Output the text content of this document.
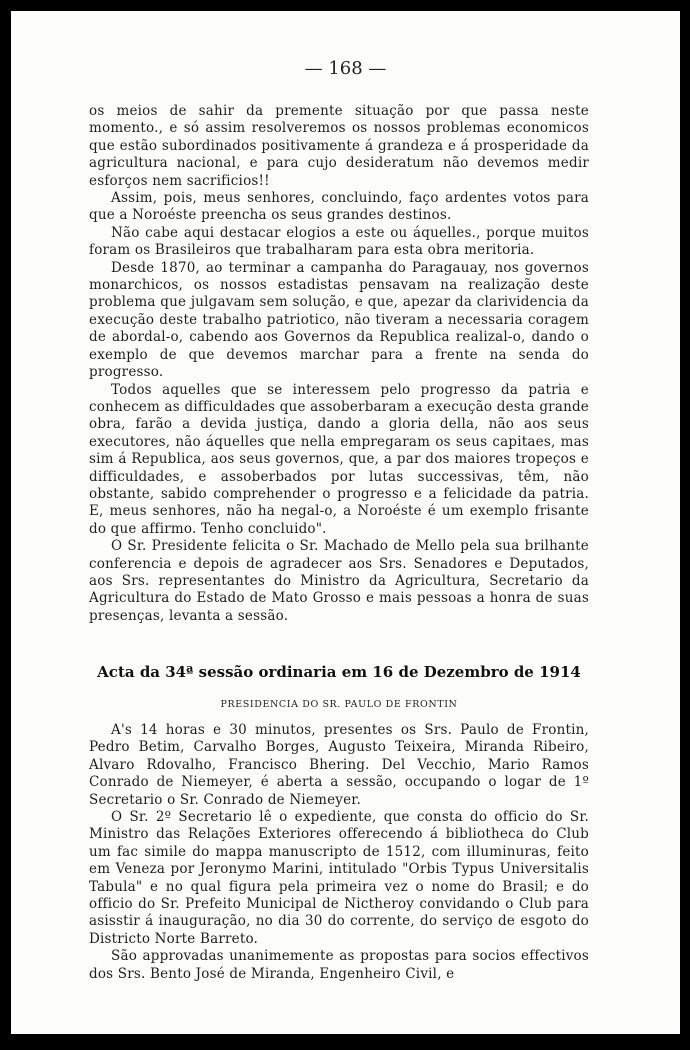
— 168 —

os meios de sahir da premente situação por que passa neste momento., e só assim resolveremos os nossos problemas economicos que estão subordinados positivamente á grandeza e á prosperidade da agricultura nacional, e para cujo desideratum não devemos medir esforços nem sacrificios!!

Assim, pois, meus senhores, concluindo, faço ardentes votos para que a Noroéste preencha os seus grandes destinos.

Não cabe aqui destacar elogios a este ou áquelles., porque muitos foram os Brasileiros que trabalharam para esta obra meritoria.

Desde 1870, ao terminar a campanha do Paragauay, nos governos monarchicos, os nossos estadistas pensavam na realização deste problema que julgavam sem solução, e que, apezar da clarividencia da execução deste trabalho patriotico, não tiveram a necessaria coragem de abordal-o, cabendo aos Governos da Republica realizal-o, dando o exemplo de que devemos marchar para a frente na senda do progresso.

Todos aquelles que se interessem pelo progresso da patria e conhecem as difficuldades que assoberbaram a execução desta grande obra, farão a devida justiça, dando a gloria della, não aos seus executores, não áquelles que nella empregaram os seus capitaes, mas sim á Republica, aos seus governos, que, a par dos maiores tropeços e difficuldades, e assoberbados por lutas successivas, têm, não obstante, sabido comprehender o progresso e a felicidade da patria. E, meus senhores, não ha negal-o, a Noroéste é um exemplo frisante do que affirmo. Tenho concluido".

O Sr. Presidente felicita o Sr. Machado de Mello pela sua brilhante conferencia e depois de agradecer aos Srs. Senadores e Deputados, aos Srs. representantes do Ministro da Agricultura, Secretario da Agricultura do Estado de Mato Grosso e mais pessoas a honra de suas presenças, levanta a sessão.

Acta da 34ª sessão ordinaria em 16 de Dezembro de 1914
PRESIDENCIA DO SR. PAULO DE FRONTIN

A's 14 horas e 30 minutos, presentes os Srs. Paulo de Frontin, Pedro Betim, Carvalho Borges, Augusto Teixeira, Miranda Ribeiro, Alvaro Rdovalho, Francisco Bhering. Del Vecchio, Mario Ramos Conrado de Niemeyer, é aberta a sessão, occupando o logar de 1º Secretario o Sr. Conrado de Niemeyer.

O Sr. 2º Secretario lê o expediente, que consta do officio do Sr. Ministro das Relações Exteriores offerecendo á bibliotheca do Club um fac simile do mappa manuscripto de 1512, com illuminuras, feito em Veneza por Jeronymo Marini, intitulado "Orbis Typus Universitalis Tabula" e no qual figura pela primeira vez o nome do Brasil; e do officio do Sr. Prefeito Municipal de Nictheroy convidando o Club para asisstir á inauguração, no dia 30 do corrente, do serviço de esgoto do Districto Norte Barreto.

São approvadas unanimemente as propostas para socios effectivos dos Srs. Bento José de Miranda, Engenheiro Civil, e
